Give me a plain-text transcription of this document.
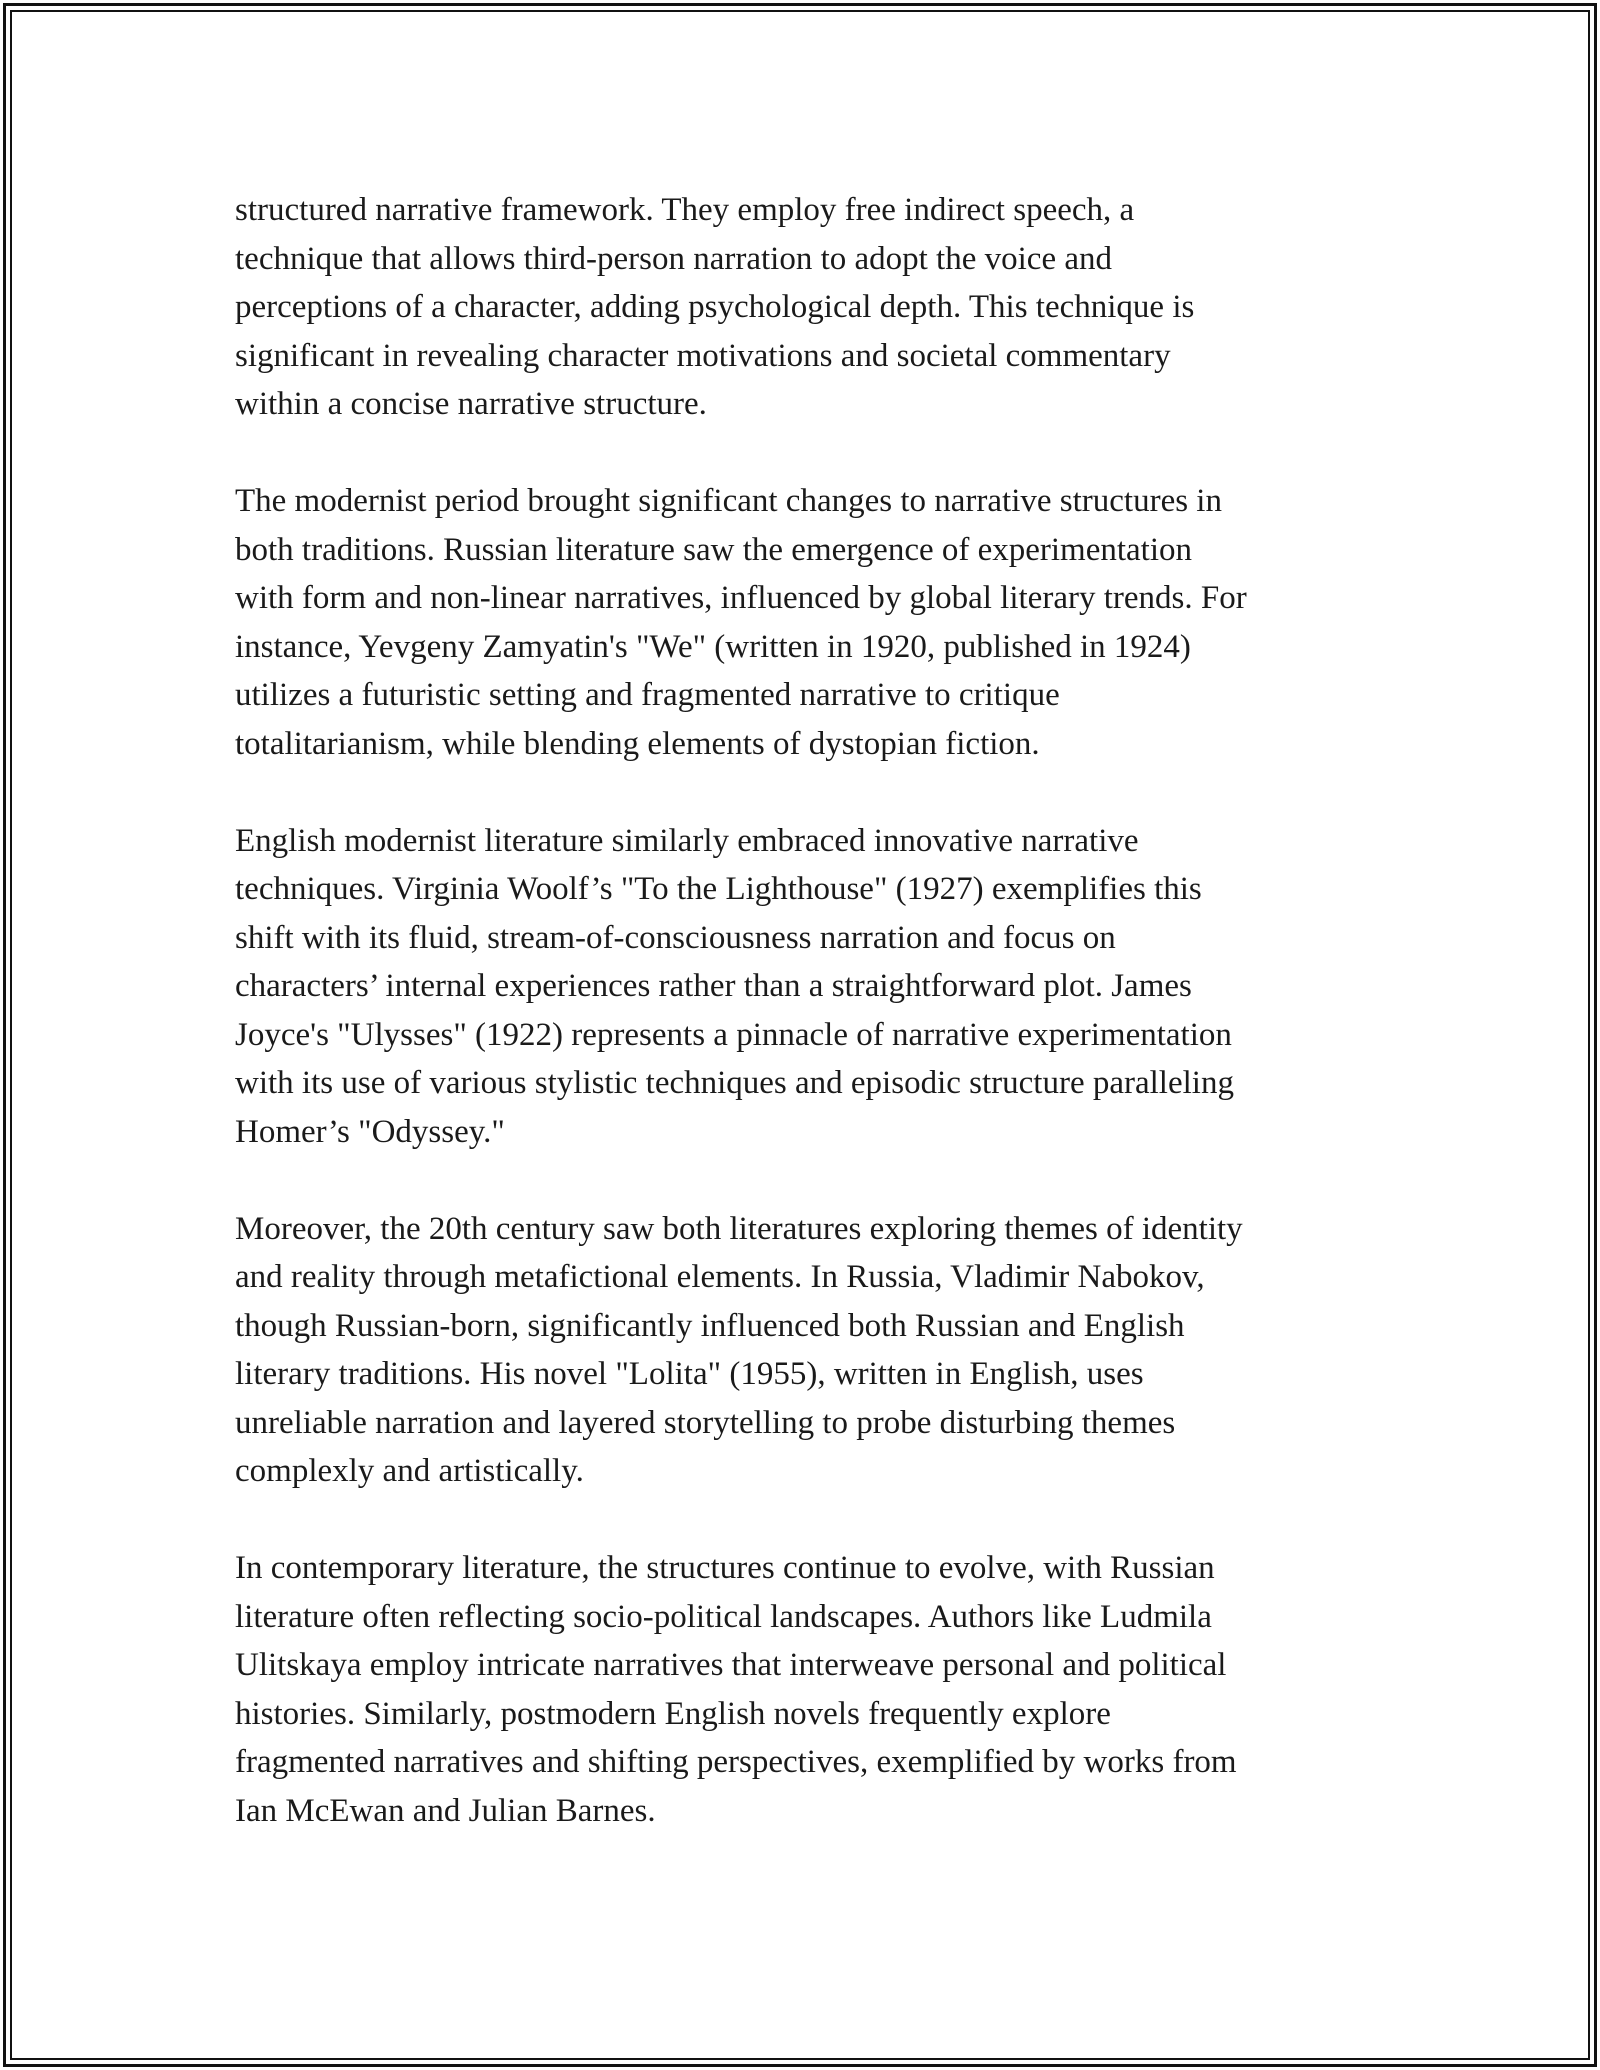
structured narrative framework. They employ free indirect speech, a
technique that allows third-person narration to adopt the voice and
perceptions of a character, adding psychological depth. This technique is
significant in revealing character motivations and societal commentary
within a concise narrative structure.

The modernist period brought significant changes to narrative structures in
both traditions. Russian literature saw the emergence of experimentation
with form and non-linear narratives, influenced by global literary trends. For
instance, Yevgeny Zamyatin's "We" (written in 1920, published in 1924)
utilizes a futuristic setting and fragmented narrative to critique
totalitarianism, while blending elements of dystopian fiction.

English modernist literature similarly embraced innovative narrative
techniques. Virginia Woolf’s "To the Lighthouse" (1927) exemplifies this
shift with its fluid, stream-of-consciousness narration and focus on
characters’ internal experiences rather than a straightforward plot. James
Joyce's "Ulysses" (1922) represents a pinnacle of narrative experimentation
with its use of various stylistic techniques and episodic structure paralleling
Homer’s "Odyssey."

Moreover, the 20th century saw both literatures exploring themes of identity
and reality through metafictional elements. In Russia, Vladimir Nabokov,
though Russian-born, significantly influenced both Russian and English
literary traditions. His novel "Lolita" (1955), written in English, uses
unreliable narration and layered storytelling to probe disturbing themes
complexly and artistically.

In contemporary literature, the structures continue to evolve, with Russian
literature often reflecting socio-political landscapes. Authors like Ludmila
Ulitskaya employ intricate narratives that interweave personal and political
histories. Similarly, postmodern English novels frequently explore
fragmented narratives and shifting perspectives, exemplified by works from
Ian McEwan and Julian Barnes.
